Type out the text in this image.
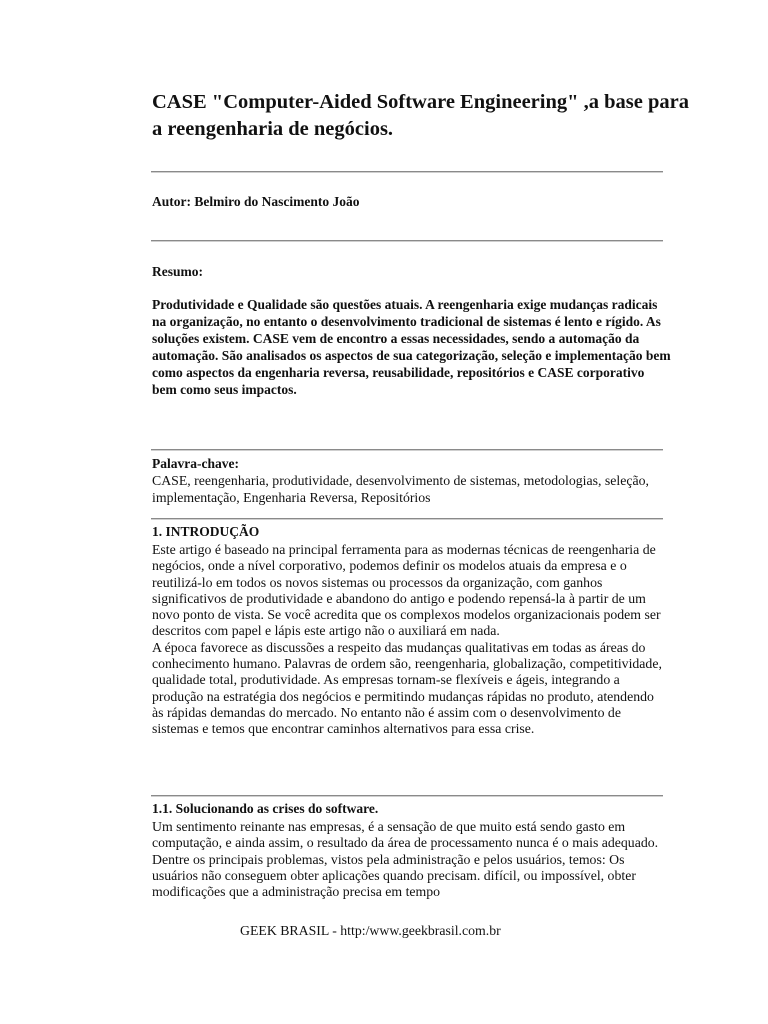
CASE "Computer-Aided Software Engineering" ,a base para a reengenharia de negócios.
Autor: Belmiro do Nascimento João
Resumo:

Produtividade e Qualidade são questões atuais. A reengenharia exige mudanças radicais na organização, no entanto o desenvolvimento tradicional de sistemas é lento e rígido. As soluções existem. CASE vem de encontro a essas necessidades, sendo a automação da automação. São analisados os aspectos de sua categorização, seleção e implementação bem como aspectos da engenharia reversa, reusabilidade, repositórios e CASE corporativo bem como seus impactos.

Palavra-chave:

CASE, reengenharia, produtividade, desenvolvimento de sistemas, metodologias, seleção, implementação, Engenharia Reversa, Repositórios

1. INTRODUÇÃO

Este artigo é baseado na principal ferramenta para as modernas técnicas de reengenharia de negócios, onde a nível corporativo, podemos definir os modelos atuais da empresa e o reutilizá-lo em todos os novos sistemas ou processos da organização, com ganhos significativos de produtividade e abandono do antigo e podendo repensá-la à partir de um novo ponto de vista. Se você acredita que os complexos modelos organizacionais podem ser descritos com papel e lápis este artigo não o auxiliará em nada.

A época favorece as discussões a respeito das mudanças qualitativas em todas as áreas do conhecimento humano. Palavras de ordem são, reengenharia, globalização, competitividade, qualidade total, produtividade. As empresas tornam-se flexíveis e ágeis, integrando a produção na estratégia dos negócios e permitindo mudanças rápidas no produto, atendendo às rápidas demandas do mercado. No entanto não é assim com o desenvolvimento de sistemas e temos que encontrar caminhos alternativos para essa crise.

1.1. Solucionando as crises do software.

Um sentimento reinante nas empresas, é a sensação de que muito está sendo gasto em computação, e ainda assim, o resultado da área de processamento nunca é o mais adequado. Dentre os principais problemas, vistos pela administração e pelos usuários, temos: Os usuários não conseguem obter aplicações quando precisam. difícil, ou impossível, obter modificações que a administração precisa em tempo

GEEK BRASIL - http:/www.geekbrasil.com.br
